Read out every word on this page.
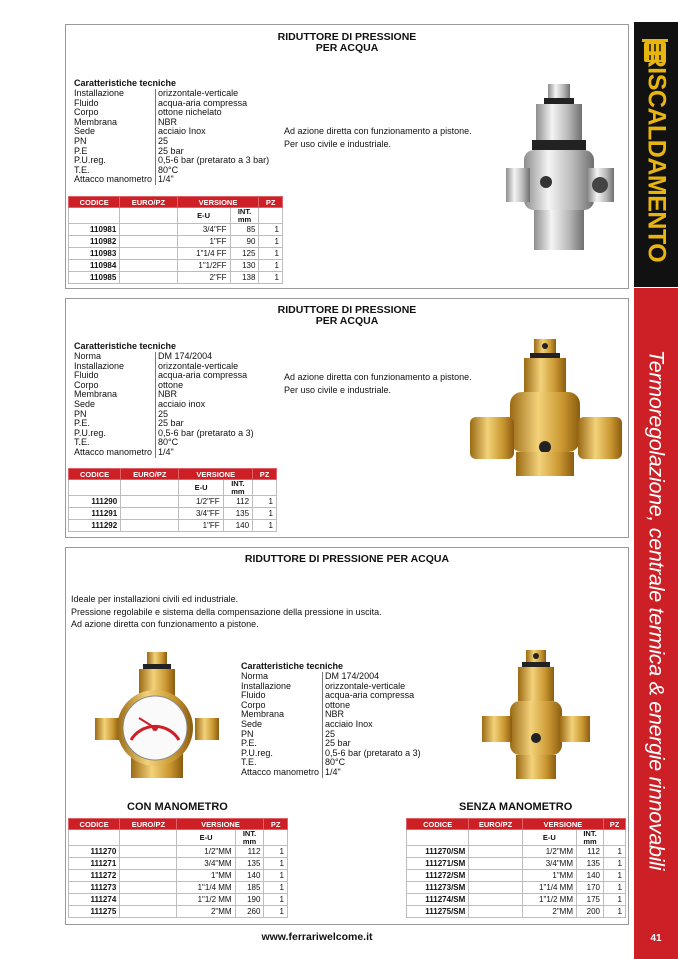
RIDUTTORE DI PRESSIONE
PER ACQUA
Caratteristiche tecniche
Installazione	orizzontale-verticale
Fluido	acqua-aria compressa
Corpo	ottone nichelato
Membrana	NBR
Sede	acciaio Inox
PN	25
P.E	25 bar
P.U.reg.	0,5-6 bar (pretarato a 3 bar)
T.E.	80°C
Attacco manometro	1/4"
Ad azione diretta con funzionamento a pistone.
Per uso civile e industriale.
CODICE	EURO/PZ	VERSIONE		PZ
		E-U	INT.
mm	
110981		3/4"FF	85	1
110982		1"FF	90	1
110983		1"1/4 FF	125	1
110984		1"1/2FF	130	1
110985		2"FF	138	1
RIDUTTORE DI PRESSIONE
PER ACQUA
Caratteristiche tecniche
Norma	DM 174/2004
Installazione	orizzontale-verticale
Fluido	acqua-aria compressa
Corpo	ottone
Membrana	NBR
Sede	acciaio inox
PN	25
P.E.	25 bar
P.U.reg.	0,5-6 bar (pretarato a 3)
T.E.	80°C
Attacco manometro	1/4"
Ad azione diretta con funzionamento a pistone.
Per uso civile e industriale.
CODICE	EURO/PZ	VERSIONE		PZ
		E-U	INT.
mm	
111290		1/2"FF	112	1
111291		3/4"FF	135	1
111292		1"FF	140	1
RIDUTTORE DI PRESSIONE PER ACQUA
Ideale per installazioni civili ed industriale.
Pressione regolabile e sistema della compensazione della pressione in uscita.
Ad azione diretta con funzionamento a pistone.
Caratteristiche tecniche
Norma	DM 174/2004
Installazione	orizzontale-verticale
Fluido	acqua-aria compressa
Corpo	ottone
Membrana	NBR
Sede	acciaio Inox
PN	25
P.E.	25 bar
P.U.reg.	0,5-6 bar (pretarato a 3)
T.E.	80°C
Attacco manometro	1/4"
CON MANOMETRO	SENZA MANOMETRO
CODICE	EURO/PZ	VERSIONE		PZ
		E-U	INT.
mm	
111270		1/2"MM	112	1
111271		3/4"MM	135	1
111272		1"MM	140	1
111273		1"1/4 MM	185	1
111274		1"1/2 MM	190	1
111275		2"MM	260	1
CODICE	EURO/PZ	VERSIONE		PZ
		E-U	INT.
mm	
111270/SM		1/2"MM	112	1
111271/SM		3/4"MM	135	1
111272/SM		1"MM	140	1
111273/SM		1"1/4 MM	170	1
111274/SM		1"1/2 MM	175	1
111275/SM		2"MM	200	1
RISCALDAMENTO
Termoregolazione, centrale termica & energie rinnovabili
41
www.ferrariwelcome.it
